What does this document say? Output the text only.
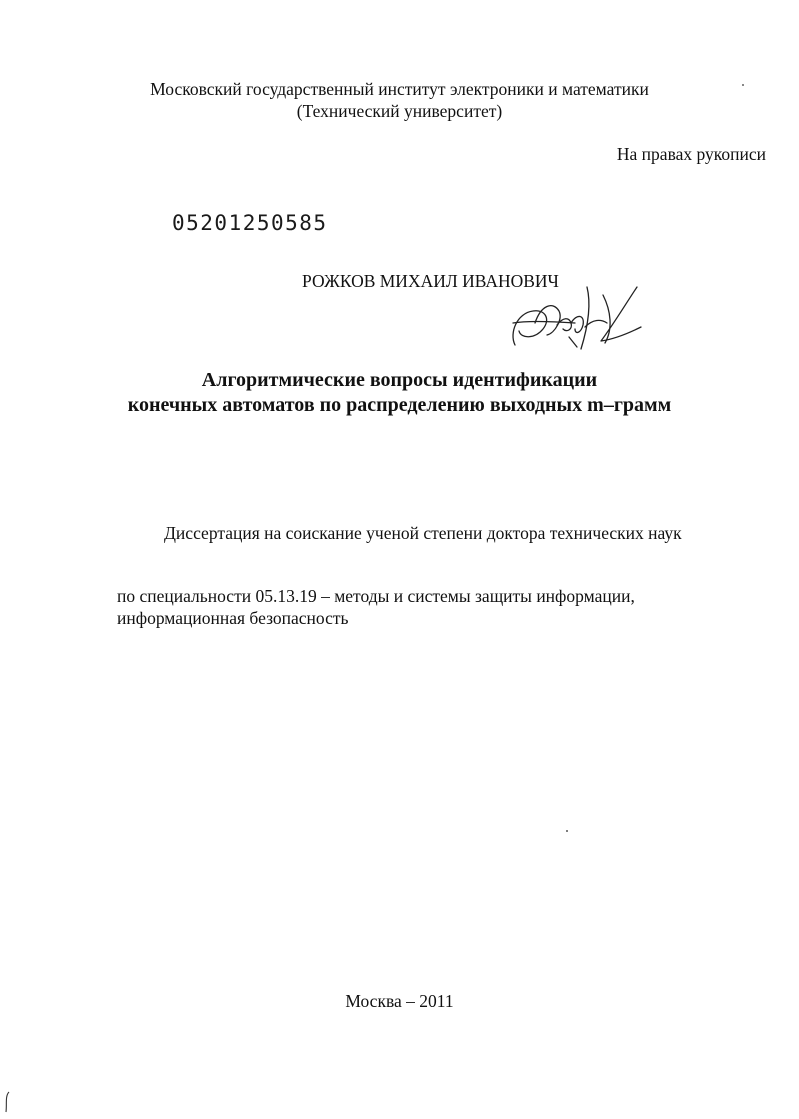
Московский государственный институт электроники и математики
(Технический университет)
На правах рукописи
05201250585
РОЖКОВ МИХАИЛ ИВАНОВИЧ
Алгоритмические вопросы идентификации
конечных автоматов по распределению выходных m–грамм
Диссертация на соискание ученой степени доктора технических наук
по специальности 05.13.19 – методы и системы защиты информации,
информационная безопасность
Москва – 2011
